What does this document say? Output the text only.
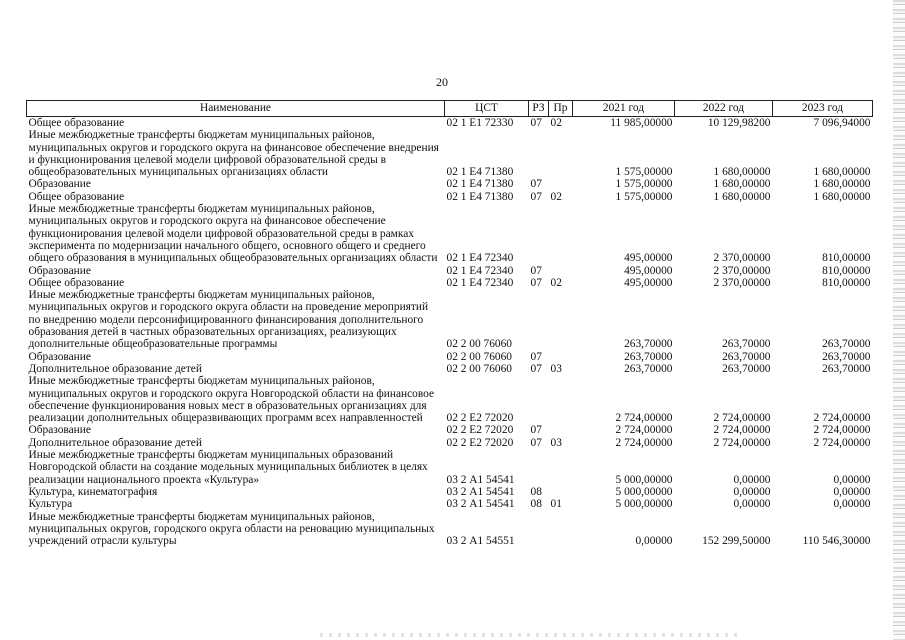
20
Наименование	ЦСТ	РЗ	Пр	2021 год	2022 год	2023 год
Общее образование	02 1 Е1 72330	07	02	11 985,00000	10 129,98200	7 096,94000
Иные межбюджетные трансферты бюджетам муниципальных районов, муниципальных округов и городского округа на финансовое обеспечение внедрения и функционирования целевой модели цифровой образовательной среды в общеобразовательных муниципальных организациях области	02 1 Е4 71380			1 575,00000	1 680,00000	1 680,00000
Образование	02 1 Е4 71380	07		1 575,00000	1 680,00000	1 680,00000
Общее образование	02 1 Е4 71380	07	02	1 575,00000	1 680,00000	1 680,00000
Иные межбюджетные трансферты бюджетам муниципальных районов, муниципальных округов и городского округа на финансовое обеспечение функционирования целевой модели цифровой образовательной среды в рамках эксперимента по модернизации начального общего, основного общего и среднего общего образования в муниципальных общеобразовательных организациях области	02 1 Е4 72340			495,00000	2 370,00000	810,00000
Образование	02 1 Е4 72340	07		495,00000	2 370,00000	810,00000
Общее образование	02 1 Е4 72340	07	02	495,00000	2 370,00000	810,00000
Иные межбюджетные трансферты бюджетам муниципальных районов, муниципальных округов и городского округа области на проведение мероприятий по внедрению модели персонифицированного финансирования дополнительного образования детей в частных образовательных организациях, реализующих дополнительные общеобразовательные программы	02 2 00 76060			263,70000	263,70000	263,70000
Образование	02 2 00 76060	07		263,70000	263,70000	263,70000
Дополнительное образование детей	02 2 00 76060	07	03	263,70000	263,70000	263,70000
Иные межбюджетные трансферты бюджетам муниципальных районов, муниципальных округов и городского округа Новгородской области на финансовое обеспечение функционирования новых мест в образовательных организациях для реализации дополнительных общеразвивающих программ всех направленностей	02 2 Е2 72020			2 724,00000	2 724,00000	2 724,00000
Образование	02 2 Е2 72020	07		2 724,00000	2 724,00000	2 724,00000
Дополнительное образование детей	02 2 Е2 72020	07	03	2 724,00000	2 724,00000	2 724,00000
Иные межбюджетные трансферты бюджетам муниципальных образований Новгородской области на создание модельных муниципальных библиотек в целях реализации национального проекта «Культура»	03 2 А1 54541			5 000,00000	0,00000	0,00000
Культура, кинематография	03 2 А1 54541	08		5 000,00000	0,00000	0,00000
Культура	03 2 А1 54541	08	01	5 000,00000	0,00000	0,00000
Иные межбюджетные трансферты бюджетам муниципальных районов, муниципальных округов, городского округа области на реновацию муниципальных учреждений отрасли культуры	03 2 А1 54551			0,00000	152 299,50000	110 546,30000
